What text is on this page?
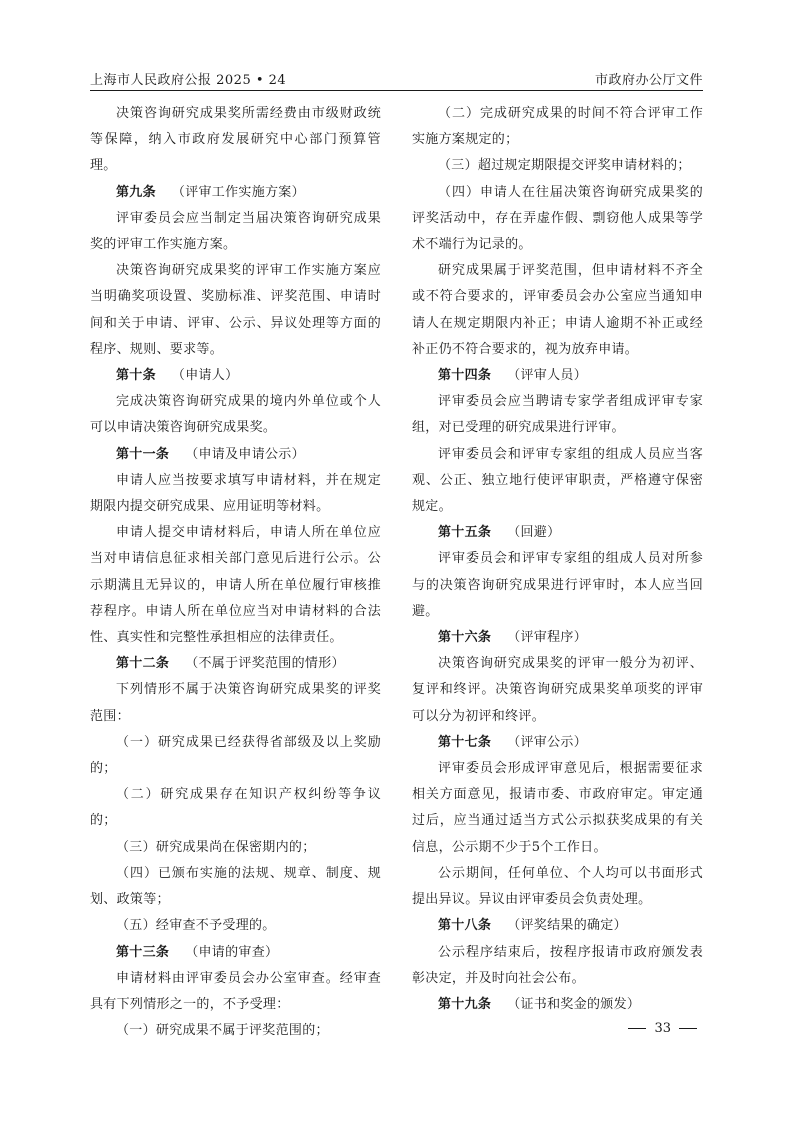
上海市人民政府公报 2025 • 24	市政府办公厅文件

决策咨询研究成果奖所需经费由市级财政统等保障，纳入市政府发展研究中心部门预算管理。

第九条 （评审工作实施方案）

评审委员会应当制定当届决策咨询研究成果奖的评审工作实施方案。

决策咨询研究成果奖的评审工作实施方案应当明确奖项设置、奖励标准、评奖范围、申请时间和关于申请、评审、公示、异议处理等方面的程序、规则、要求等。

第十条 （申请人）

完成决策咨询研究成果的境内外单位或个人可以申请决策咨询研究成果奖。

第十一条 （申请及申请公示）

申请人应当按要求填写申请材料，并在规定期限内提交研究成果、应用证明等材料。

申请人提交申请材料后，申请人所在单位应当对申请信息征求相关部门意见后进行公示。公示期满且无异议的，申请人所在单位履行审核推荐程序。申请人所在单位应当对申请材料的合法性、真实性和完整性承担相应的法律责任。

第十二条 （不属于评奖范围的情形）

下列情形不属于决策咨询研究成果奖的评奖范围：

（一）研究成果已经获得省部级及以上奖励的；

（二）研究成果存在知识产权纠纷等争议的；

（三）研究成果尚在保密期内的；

（四）已颁布实施的法规、规章、制度、规划、政策等；

（五）经审查不予受理的。

第十三条 （申请的审查）

申请材料由评审委员会办公室审查。经审查具有下列情形之一的，不予受理：

（一）研究成果不属于评奖范围的；

（二）完成研究成果的时间不符合评审工作实施方案规定的；

（三）超过规定期限提交评奖申请材料的；

（四）申请人在往届决策咨询研究成果奖的评奖活动中，存在弄虚作假、剽窃他人成果等学术不端行为记录的。

研究成果属于评奖范围，但申请材料不齐全或不符合要求的，评审委员会办公室应当通知申请人在规定期限内补正；申请人逾期不补正或经补正仍不符合要求的，视为放弃申请。

第十四条 （评审人员）

评审委员会应当聘请专家学者组成评审专家组，对已受理的研究成果进行评审。

评审委员会和评审专家组的组成人员应当客观、公正、独立地行使评审职责，严格遵守保密规定。

第十五条 （回避）

评审委员会和评审专家组的组成人员对所参与的决策咨询研究成果进行评审时，本人应当回避。

第十六条 （评审程序）

决策咨询研究成果奖的评审一般分为初评、复评和终评。决策咨询研究成果奖单项奖的评审可以分为初评和终评。

第十七条 （评审公示）

评审委员会形成评审意见后，根据需要征求相关方面意见，报请市委、市政府审定。审定通过后，应当通过适当方式公示拟获奖成果的有关信息，公示期不少于5个工作日。

公示期间，任何单位、个人均可以书面形式提出异议。异议由评审委员会负责处理。

第十八条 （评奖结果的确定）

公示程序结束后，按程序报请市政府颁发表彰决定，并及时向社会公布。

第十九条 （证书和奖金的颁发）

33
